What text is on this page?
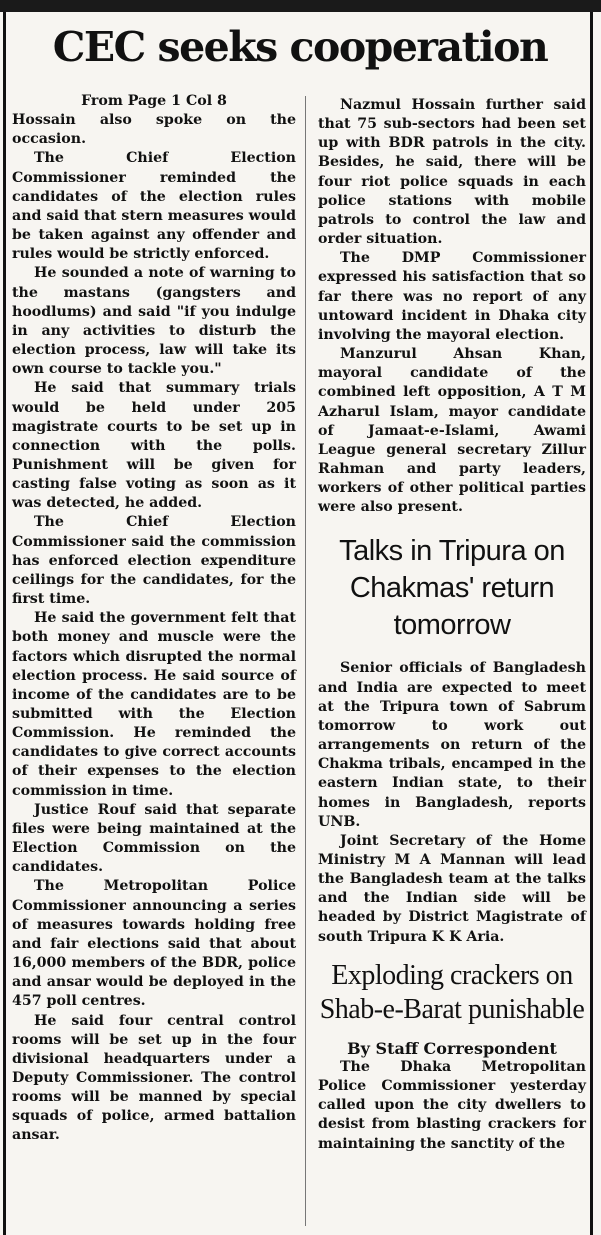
CEC seeks cooperation

From Page 1 Col 8

Hossain also spoke on the occasion.

The Chief Election Commissioner reminded the candidates of the election rules and said that stern measures would be taken against any offender and rules would be strictly enforced.

He sounded a note of warning to the mastans (gangsters and hoodlums) and said "if you indulge in any activities to disturb the election process, law will take its own course to tackle you."

He said that summary trials would be held under 205 magistrate courts to be set up in connection with the polls. Punishment will be given for casting false voting as soon as it was detected, he added.

The Chief Election Commissioner said the commission has enforced election expenditure ceilings for the candidates, for the first time.

He said the government felt that both money and muscle were the factors which disrupted the normal election process. He said source of income of the candidates are to be submitted with the Election Commission. He reminded the candidates to give correct accounts of their expenses to the election commission in time.

Justice Rouf said that separate files were being maintained at the Election Commission on the candidates.

The Metropolitan Police Commissioner announcing a series of measures towards holding free and fair elections said that about 16,000 members of the BDR, police and ansar would be deployed in the 457 poll centres.

He said four central control rooms will be set up in the four divisional headquarters under a Deputy Commissioner. The control rooms will be manned by special squads of police, armed battalion ansar.

Nazmul Hossain further said that 75 sub-sectors had been set up with BDR patrols in the city. Besides, he said, there will be four riot police squads in each police stations with mobile patrols to control the law and order situation.

The DMP Commissioner expressed his satisfaction that so far there was no report of any untoward incident in Dhaka city involving the mayoral election.

Manzurul Ahsan Khan, mayoral candidate of the combined left opposition, A T M Azharul Islam, mayor candidate of Jamaat-e-Islami, Awami League general secretary Zillur Rahman and party leaders, workers of other political parties were also present.

Talks in Tripura on Chakmas' return tomorrow

Senior officials of Bangladesh and India are expected to meet at the Tripura town of Sabrum tomorrow to work out arrangements on return of the Chakma tribals, encamped in the eastern Indian state, to their homes in Bangladesh, reports UNB.

Joint Secretary of the Home Ministry M A Mannan will lead the Bangladesh team at the talks and the Indian side will be headed by District Magistrate of south Tripura K K Aria.

Exploding crackers on Shab-e-Barat punishable

By Staff Correspondent

The Dhaka Metropolitan Police Commissioner yesterday called upon the city dwellers to desist from blasting crackers for maintaining the sanctity of the
